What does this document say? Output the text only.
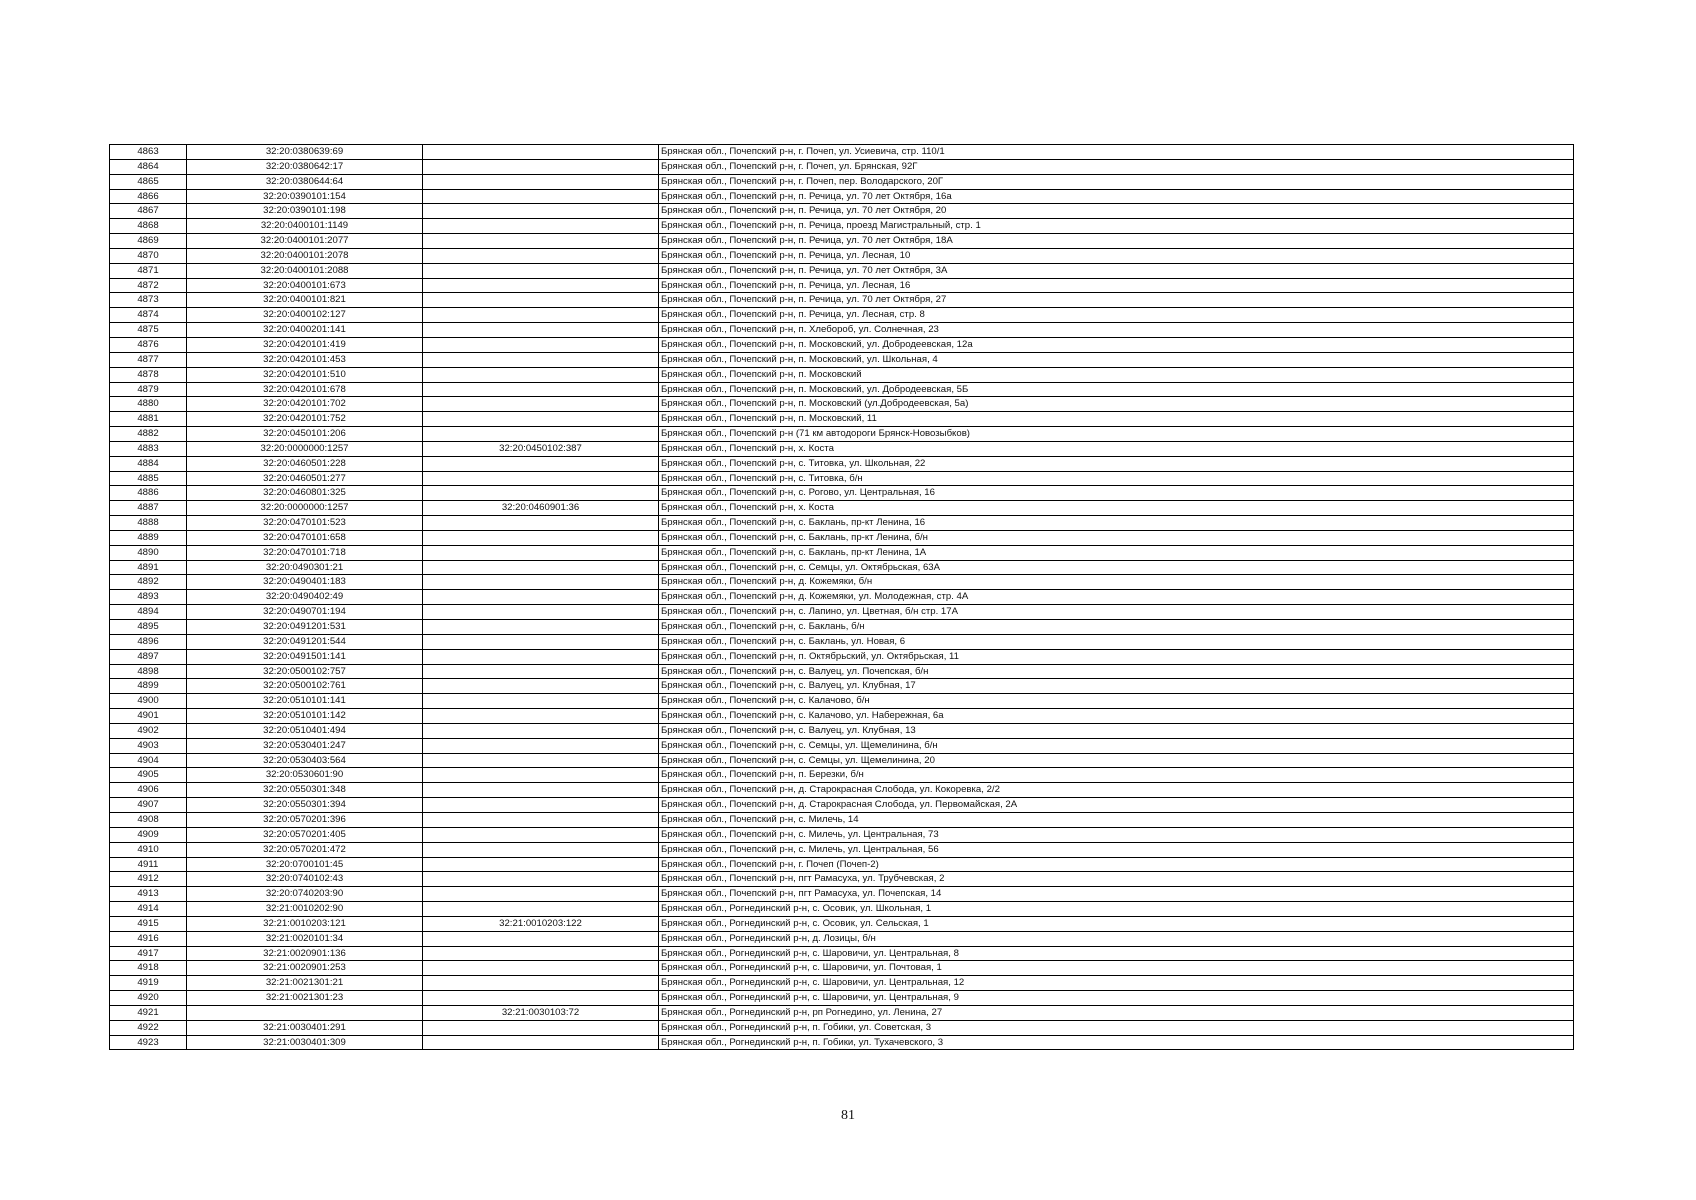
4863	32:20:0380639:69		Брянская обл., Почепский р-н, г. Почеп, ул. Усиевича, стр. 110/1
4864	32:20:0380642:17		Брянская обл., Почепский р-н, г. Почеп, ул. Брянская, 92Г
4865	32:20:0380644:64		Брянская обл., Почепский р-н, г. Почеп, пер. Володарского, 20Г
4866	32:20:0390101:154		Брянская обл., Почепский р-н, п. Речица, ул. 70 лет Октября, 16а
4867	32:20:0390101:198		Брянская обл., Почепский р-н, п. Речица, ул. 70 лет Октября, 20
4868	32:20:0400101:1149		Брянская обл., Почепский р-н, п. Речица, проезд Магистральный, стр. 1
4869	32:20:0400101:2077		Брянская обл., Почепский р-н, п. Речица, ул. 70 лет Октября, 18А
4870	32:20:0400101:2078		Брянская обл., Почепский р-н, п. Речица, ул. Лесная, 10
4871	32:20:0400101:2088		Брянская обл., Почепский р-н, п. Речица, ул. 70 лет Октября, 3А
4872	32:20:0400101:673		Брянская обл., Почепский р-н, п. Речица, ул. Лесная, 16
4873	32:20:0400101:821		Брянская обл., Почепский р-н, п. Речица, ул. 70 лет Октября, 27
4874	32:20:0400102:127		Брянская обл., Почепский р-н, п. Речица, ул. Лесная, стр. 8
4875	32:20:0400201:141		Брянская обл., Почепский р-н, п. Хлебороб, ул. Солнечная, 23
4876	32:20:0420101:419		Брянская обл., Почепский р-н, п. Московский, ул. Добродеевская, 12а
4877	32:20:0420101:453		Брянская обл., Почепский р-н, п. Московский, ул. Школьная, 4
4878	32:20:0420101:510		Брянская обл., Почепский р-н, п. Московский
4879	32:20:0420101:678		Брянская обл., Почепский р-н, п. Московский, ул. Добродеевская, 5Б
4880	32:20:0420101:702		Брянская обл., Почепский р-н, п. Московский (ул.Добродеевская, 5а)
4881	32:20:0420101:752		Брянская обл., Почепский р-н, п. Московский, 11
4882	32:20:0450101:206		Брянская обл., Почепский р-н (71 км автодороги Брянск-Новозыбков)
4883	32:20:0000000:1257	32:20:0450102:387	Брянская обл., Почепский р-н, х. Коста
4884	32:20:0460501:228		Брянская обл., Почепский р-н, с. Титовка, ул. Школьная, 22
4885	32:20:0460501:277		Брянская обл., Почепский р-н, с. Титовка, б/н
4886	32:20:0460801:325		Брянская обл., Почепский р-н, с. Рогово, ул. Центральная, 16
4887	32:20:0000000:1257	32:20:0460901:36	Брянская обл., Почепский р-н, х. Коста
4888	32:20:0470101:523		Брянская обл., Почепский р-н, с. Баклань, пр-кт Ленина, 16
4889	32:20:0470101:658		Брянская обл., Почепский р-н, с. Баклань, пр-кт Ленина, б/н
4890	32:20:0470101:718		Брянская обл., Почепский р-н, с. Баклань, пр-кт Ленина, 1А
4891	32:20:0490301:21		Брянская обл., Почепский р-н, с. Семцы, ул. Октябрьская, 63А
4892	32:20:0490401:183		Брянская обл., Почепский р-н, д. Кожемяки, б/н
4893	32:20:0490402:49		Брянская обл., Почепский р-н, д. Кожемяки, ул. Молодежная, стр. 4А
4894	32:20:0490701:194		Брянская обл., Почепский р-н, с. Лапино, ул. Цветная, б/н стр. 17А
4895	32:20:0491201:531		Брянская обл., Почепский р-н, с. Баклань, б/н
4896	32:20:0491201:544		Брянская обл., Почепский р-н, с. Баклань, ул. Новая, 6
4897	32:20:0491501:141		Брянская обл., Почепский р-н, п. Октябрьский, ул. Октябрьская, 11
4898	32:20:0500102:757		Брянская обл., Почепский р-н, с. Валуец, ул. Почепская, б/н
4899	32:20:0500102:761		Брянская обл., Почепский р-н, с. Валуец, ул. Клубная, 17
4900	32:20:0510101:141		Брянская обл., Почепский р-н, с. Калачово, б/н
4901	32:20:0510101:142		Брянская обл., Почепский р-н, с. Калачово, ул. Набережная, 6а
4902	32:20:0510401:494		Брянская обл., Почепский р-н, с. Валуец, ул. Клубная, 13
4903	32:20:0530401:247		Брянская обл., Почепский р-н, с. Семцы, ул. Щемелинина, б/н
4904	32:20:0530403:564		Брянская обл., Почепский р-н, с. Семцы, ул. Щемелинина, 20
4905	32:20:0530601:90		Брянская обл., Почепский р-н, п. Березки, б/н
4906	32:20:0550301:348		Брянская обл., Почепский р-н, д. Старокрасная Слобода, ул. Кокоревка, 2/2
4907	32:20:0550301:394		Брянская обл., Почепский р-н, д. Старокрасная Слобода, ул. Первомайская, 2А
4908	32:20:0570201:396		Брянская обл., Почепский р-н, с. Милечь, 14
4909	32:20:0570201:405		Брянская обл., Почепский р-н, с. Милечь, ул. Центральная, 73
4910	32:20:0570201:472		Брянская обл., Почепский р-н, с. Милечь, ул. Центральная, 56
4911	32:20:0700101:45		Брянская обл., Почепский р-н, г. Почеп (Почеп-2)
4912	32:20:0740102:43		Брянская обл., Почепский р-н, пгт Рамасуха, ул. Трубчевская, 2
4913	32:20:0740203:90		Брянская обл., Почепский р-н, пгт Рамасуха, ул. Почепская, 14
4914	32:21:0010202:90		Брянская обл., Рогнединский р-н, с. Осовик, ул. Школьная, 1
4915	32:21:0010203:121	32:21:0010203:122	Брянская обл., Рогнединский р-н, с. Осовик, ул. Сельская, 1
4916	32:21:0020101:34		Брянская обл., Рогнединский р-н, д. Лозицы, б/н
4917	32:21:0020901:136		Брянская обл., Рогнединский р-н, с. Шаровичи, ул. Центральная, 8
4918	32:21:0020901:253		Брянская обл., Рогнединский р-н, с. Шаровичи, ул. Почтовая, 1
4919	32:21:0021301:21		Брянская обл., Рогнединский р-н, с. Шаровичи, ул. Центральная, 12
4920	32:21:0021301:23		Брянская обл., Рогнединский р-н, с. Шаровичи, ул. Центральная, 9
4921		32:21:0030103:72	Брянская обл., Рогнединский р-н, рп Рогнедино, ул. Ленина, 27
4922	32:21:0030401:291		Брянская обл., Рогнединский р-н, п. Гобики, ул. Советская, 3
4923	32:21:0030401:309		Брянская обл., Рогнединский р-н, п. Гобики, ул. Тухачевского, 3
81
